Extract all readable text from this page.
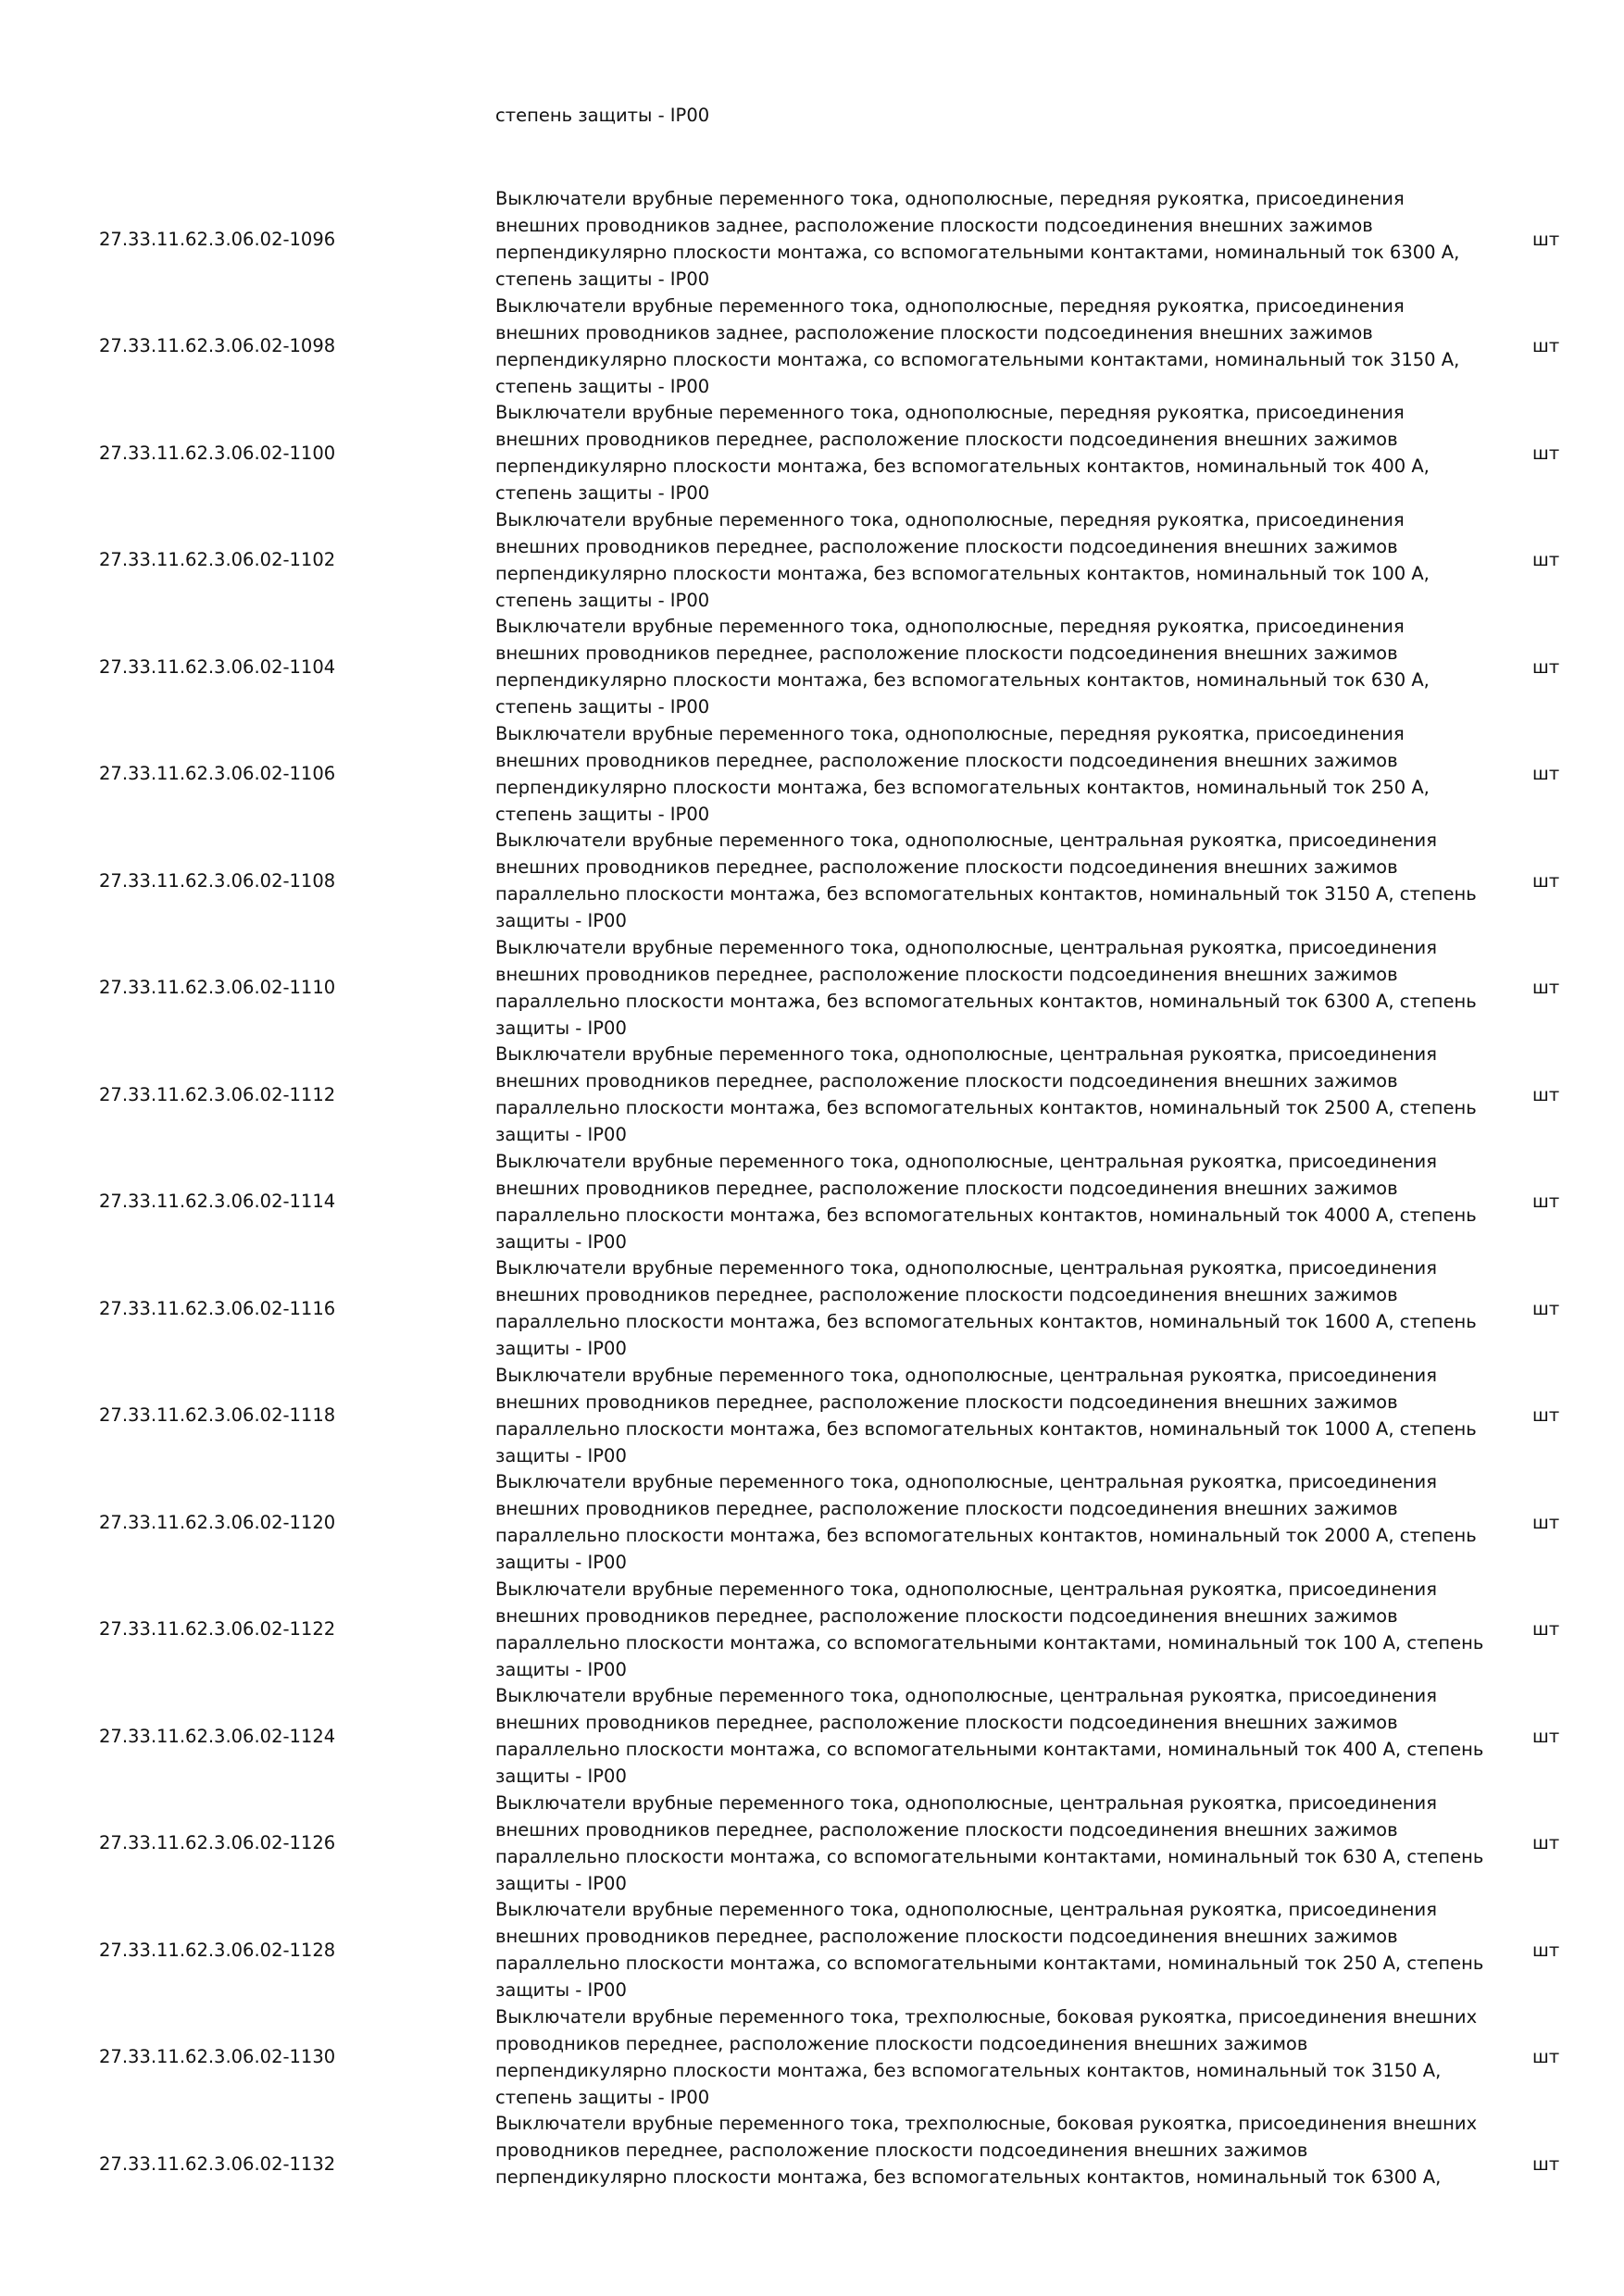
степень защиты - IP00
27.33.11.62.3.06.02-1096
Выключатели врубные переменного тока, однополюсные, передняя рукоятка, присоединения
внешних проводников заднее, расположение плоскости подсоединения внешних зажимов
перпендикулярно плоскости монтажа, со вспомогательными контактами, номинальный ток 6300 А,
степень защиты - IP00
шт
27.33.11.62.3.06.02-1098
Выключатели врубные переменного тока, однополюсные, передняя рукоятка, присоединения
внешних проводников заднее, расположение плоскости подсоединения внешних зажимов
перпендикулярно плоскости монтажа, со вспомогательными контактами, номинальный ток 3150 А,
степень защиты - IP00
шт
27.33.11.62.3.06.02-1100
Выключатели врубные переменного тока, однополюсные, передняя рукоятка, присоединения
внешних проводников переднее, расположение плоскости подсоединения внешних зажимов
перпендикулярно плоскости монтажа, без вспомогательных контактов, номинальный ток 400 А,
степень защиты - IP00
шт
27.33.11.62.3.06.02-1102
Выключатели врубные переменного тока, однополюсные, передняя рукоятка, присоединения
внешних проводников переднее, расположение плоскости подсоединения внешних зажимов
перпендикулярно плоскости монтажа, без вспомогательных контактов, номинальный ток 100 А,
степень защиты - IP00
шт
27.33.11.62.3.06.02-1104
Выключатели врубные переменного тока, однополюсные, передняя рукоятка, присоединения
внешних проводников переднее, расположение плоскости подсоединения внешних зажимов
перпендикулярно плоскости монтажа, без вспомогательных контактов, номинальный ток 630 А,
степень защиты - IP00
шт
27.33.11.62.3.06.02-1106
Выключатели врубные переменного тока, однополюсные, передняя рукоятка, присоединения
внешних проводников переднее, расположение плоскости подсоединения внешних зажимов
перпендикулярно плоскости монтажа, без вспомогательных контактов, номинальный ток 250 А,
степень защиты - IP00
шт
27.33.11.62.3.06.02-1108
Выключатели врубные переменного тока, однополюсные, центральная рукоятка, присоединения
внешних проводников переднее, расположение плоскости подсоединения внешних зажимов
параллельно плоскости монтажа, без вспомогательных контактов, номинальный ток 3150 А, степень
защиты - IP00
шт
27.33.11.62.3.06.02-1110
Выключатели врубные переменного тока, однополюсные, центральная рукоятка, присоединения
внешних проводников переднее, расположение плоскости подсоединения внешних зажимов
параллельно плоскости монтажа, без вспомогательных контактов, номинальный ток 6300 А, степень
защиты - IP00
шт
27.33.11.62.3.06.02-1112
Выключатели врубные переменного тока, однополюсные, центральная рукоятка, присоединения
внешних проводников переднее, расположение плоскости подсоединения внешних зажимов
параллельно плоскости монтажа, без вспомогательных контактов, номинальный ток 2500 А, степень
защиты - IP00
шт
27.33.11.62.3.06.02-1114
Выключатели врубные переменного тока, однополюсные, центральная рукоятка, присоединения
внешних проводников переднее, расположение плоскости подсоединения внешних зажимов
параллельно плоскости монтажа, без вспомогательных контактов, номинальный ток 4000 А, степень
защиты - IP00
шт
27.33.11.62.3.06.02-1116
Выключатели врубные переменного тока, однополюсные, центральная рукоятка, присоединения
внешних проводников переднее, расположение плоскости подсоединения внешних зажимов
параллельно плоскости монтажа, без вспомогательных контактов, номинальный ток 1600 А, степень
защиты - IP00
шт
27.33.11.62.3.06.02-1118
Выключатели врубные переменного тока, однополюсные, центральная рукоятка, присоединения
внешних проводников переднее, расположение плоскости подсоединения внешних зажимов
параллельно плоскости монтажа, без вспомогательных контактов, номинальный ток 1000 А, степень
защиты - IP00
шт
27.33.11.62.3.06.02-1120
Выключатели врубные переменного тока, однополюсные, центральная рукоятка, присоединения
внешних проводников переднее, расположение плоскости подсоединения внешних зажимов
параллельно плоскости монтажа, без вспомогательных контактов, номинальный ток 2000 А, степень
защиты - IP00
шт
27.33.11.62.3.06.02-1122
Выключатели врубные переменного тока, однополюсные, центральная рукоятка, присоединения
внешних проводников переднее, расположение плоскости подсоединения внешних зажимов
параллельно плоскости монтажа, со вспомогательными контактами, номинальный ток 100 А, степень
защиты - IP00
шт
27.33.11.62.3.06.02-1124
Выключатели врубные переменного тока, однополюсные, центральная рукоятка, присоединения
внешних проводников переднее, расположение плоскости подсоединения внешних зажимов
параллельно плоскости монтажа, со вспомогательными контактами, номинальный ток 400 А, степень
защиты - IP00
шт
27.33.11.62.3.06.02-1126
Выключатели врубные переменного тока, однополюсные, центральная рукоятка, присоединения
внешних проводников переднее, расположение плоскости подсоединения внешних зажимов
параллельно плоскости монтажа, со вспомогательными контактами, номинальный ток 630 А, степень
защиты - IP00
шт
27.33.11.62.3.06.02-1128
Выключатели врубные переменного тока, однополюсные, центральная рукоятка, присоединения
внешних проводников переднее, расположение плоскости подсоединения внешних зажимов
параллельно плоскости монтажа, со вспомогательными контактами, номинальный ток 250 А, степень
защиты - IP00
шт
27.33.11.62.3.06.02-1130
Выключатели врубные переменного тока, трехполюсные, боковая рукоятка, присоединения внешних
проводников переднее, расположение плоскости подсоединения внешних зажимов
перпендикулярно плоскости монтажа, без вспомогательных контактов, номинальный ток 3150 А,
степень защиты - IP00
шт
27.33.11.62.3.06.02-1132
Выключатели врубные переменного тока, трехполюсные, боковая рукоятка, присоединения внешних
проводников переднее, расположение плоскости подсоединения внешних зажимов
перпендикулярно плоскости монтажа, без вспомогательных контактов, номинальный ток 6300 А,
шт
